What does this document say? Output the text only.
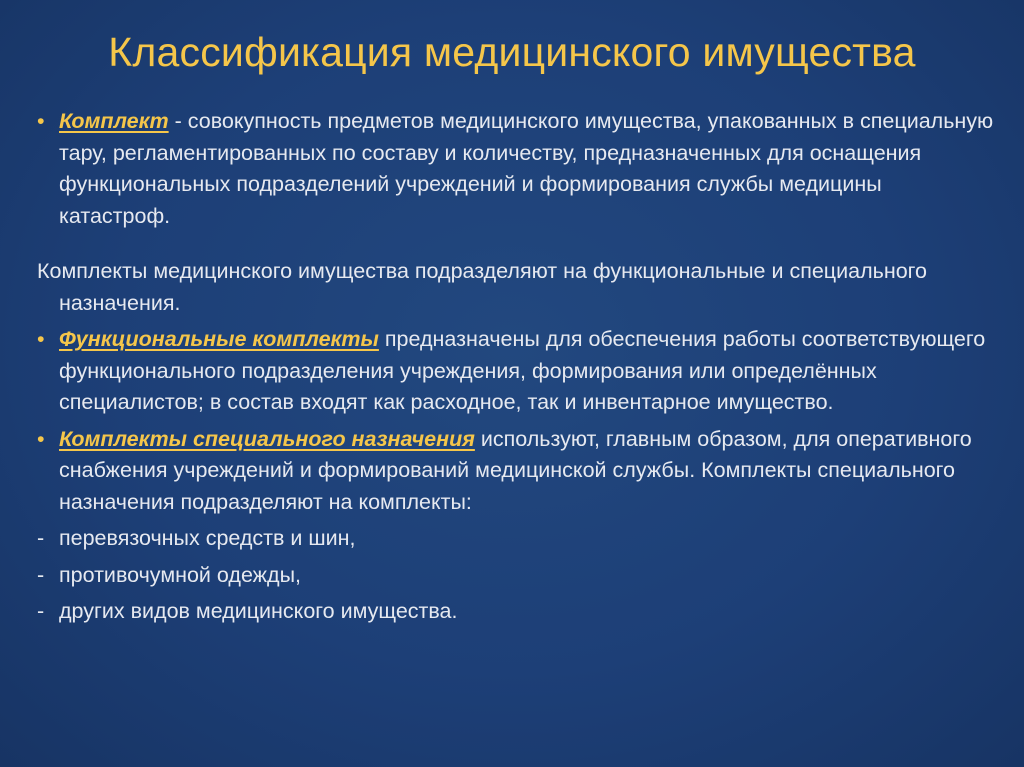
Классификация медицинского имущества
• Комплект - совокупность предметов медицинского имущества, упакованных в специальную тару, регламентированных по составу и количеству, предназначенных для оснащения функциональных подразделений учреждений и формирования службы медицины катастроф.
Комплекты медицинского имущества подразделяют на функциональные и специального назначения.
• Функциональные комплекты предназначены для обеспечения работы соответствующего функционального подразделения учреждения, формирования или определённых специалистов; в состав входят как расходное, так и инвентарное имущество.
• Комплекты специального назначения используют, главным образом, для оперативного снабжения учреждений и формирований медицинской службы. Комплекты специального назначения подразделяют на комплекты:
- перевязочных средств и шин,
- противочумной одежды,
- других видов медицинского имущества.
